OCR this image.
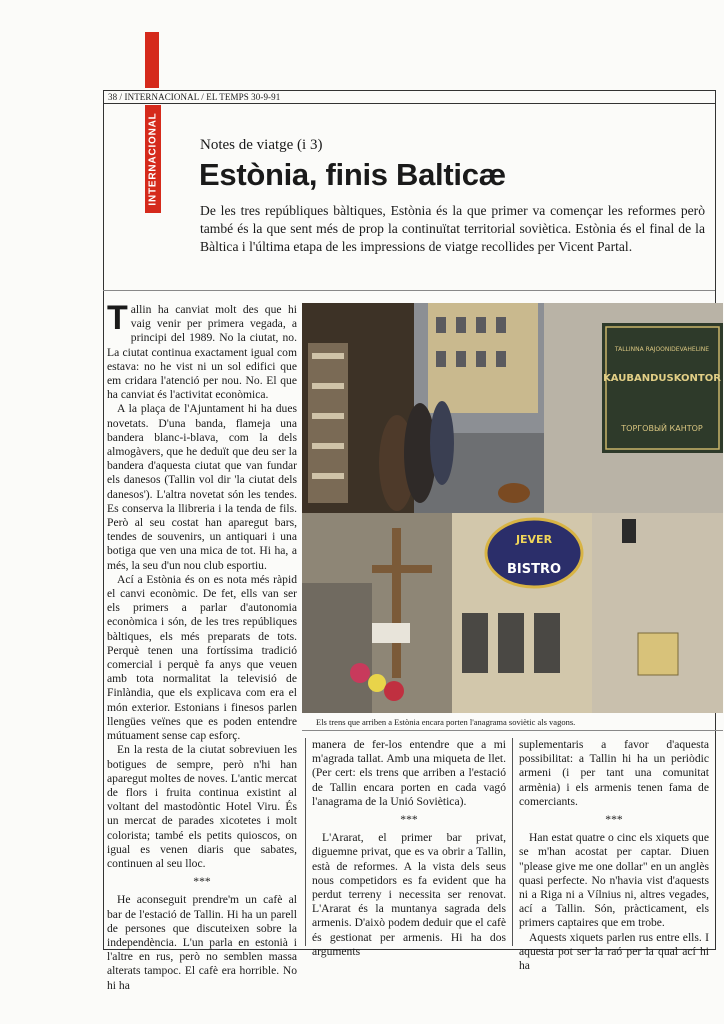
38 / INTERNACIONAL / EL TEMPS 30-9-91
INTERNACIONAL	Notes de viatge (i 3)
Estònia, finis Balticæ
De les tres repúbliques bàltiques, Estònia és la que primer va començar les reformes però també és la que sent més de prop la continuïtat territorial soviètica. Estònia és el final de la Bàltica i l'última etapa de les impressions de viatge recollides per Vicent Partal.

Tallin ha canviat molt des que hi vaig venir per primera vegada, a principi del 1989. No la ciutat, no. La ciutat continua exactament igual com estava: no he vist ni un sol edifici que em cridara l'atenció per nou. No. El que ha canviat és l'activitat econòmica.

A la plaça de l'Ajuntament hi ha dues novetats. D'una banda, flameja una bandera blanc-i-blava, com la dels almogàvers, que he deduït que deu ser la bandera d'aquesta ciutat que van fundar els danesos (Tallin vol dir 'la ciutat dels danesos'). L'altra novetat són les tendes. Es conserva la llibreria i la tenda de fils. Però al seu costat han aparegut bars, tendes de souvenirs, un antiquari i una botiga que ven una mica de tot. Hi ha, a més, la seu d'un nou club esportiu.

Ací a Estònia és on es nota més ràpid el canvi econòmic. De fet, ells van ser els primers a parlar d'autonomia econòmica i són, de les tres repúbliques bàltiques, els més preparats de tots. Perquè tenen una fortíssima tradició comercial i perquè fa anys que veuen amb tota normalitat la televisió de Finlàndia, que els explicava com era el món exterior. Estonians i finesos parlen llengües veïnes que es poden entendre mútuament sense cap esforç.

En la resta de la ciutat sobreviuen les botigues de sempre, però n'hi han aparegut moltes de noves. L'antic mercat de flors i fruita continua existint al voltant del mastodòntic Hotel Viru. És un mercat de parades xicotetes i molt colorista; també els petits quioscos, on igual es venen diaris que sabates, continuen al seu lloc.

***

He aconseguit prendre'm un cafè al bar de l'estació de Tallin. Hi ha un parell de persones que discuteixen sobre la independència. L'un parla en estonià i l'altre en rus, però no semblen massa alterats tampoc. El cafè era horrible. No hi ha

TALLINNA RAJOONIDEVAHELINE
KAUBANDUSKONTOR
ТОРГОВЫЙ КАНТОР
JEVER
BISTRO
Els trens que arriben a Estònia encara porten l'anagrama soviètic als vagons.

manera de fer-los entendre que a mi m'agrada tallat. Amb una miqueta de llet. (Per cert: els trens que arriben a l'estació de Tallin encara porten en cada vagó l'anagrama de la Unió Soviètica).

***

L'Ararat, el primer bar privat, diguemne privat, que es va obrir a Tallin, està de reformes. A la vista dels seus nous competidors es fa evident que ha perdut terreny i necessita ser renovat. L'Ararat és la muntanya sagrada dels armenis. D'això podem deduir que el cafè és gestionat per armenis. Hi ha dos arguments

suplementaris a favor d'aquesta possibilitat: a Tallin hi ha un periòdic armeni (i per tant una comunitat armènia) i els armenis tenen fama de comerciants.

***

Han estat quatre o cinc els xiquets que se m'han acostat per captar. Diuen "please give me one dollar" en un anglès quasi perfecte. No n'havia vist d'aquests ni a Riga ni a Vílnius ni, altres vegades, ací a Tallin. Són, pràcticament, els primers captaires que em trobe.

Aquests xiquets parlen rus entre ells. I aquesta pot ser la raó per la qual ací hi ha
